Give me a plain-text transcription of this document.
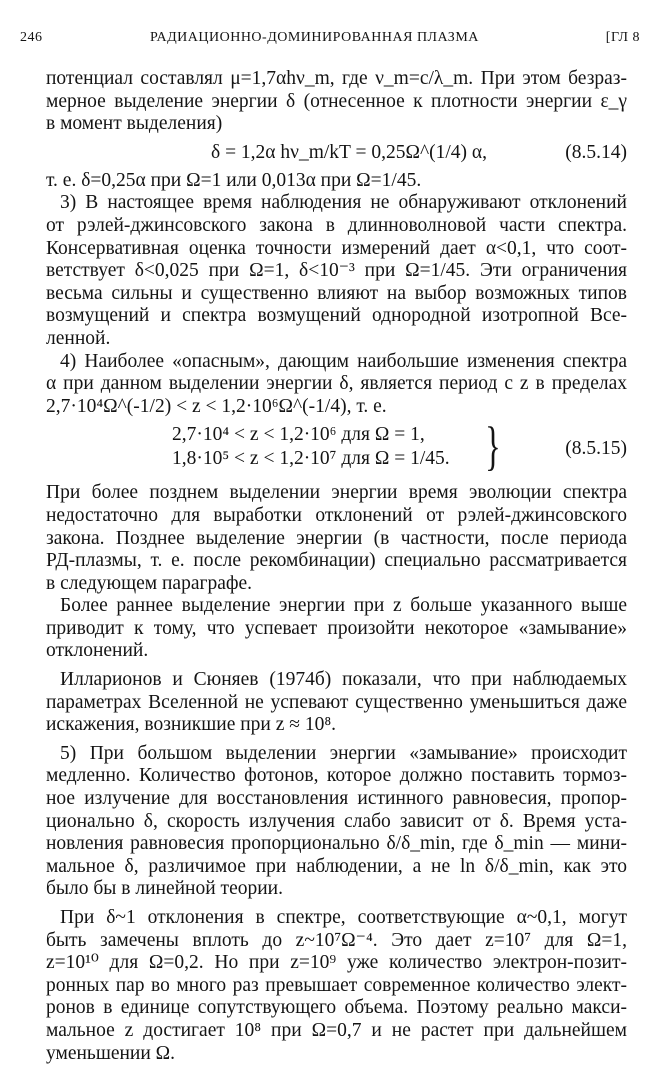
246	РАДИАЦИОННО-ДОМИНИРОВАННАЯ ПЛАЗМА	[ГЛ 8
потенциал составлял μ=1,7αhν_m, где ν_m=c/λ_m. При этом безраз-
мерное выделение энергии δ (отнесенное к плотности энергии ε_γ
в момент выделения)
δ = 1,2α hν_m/kT = 0,25Ω^(1/4) α,	(8.5.14)
т. е. δ=0,25α при Ω=1 или 0,013α при Ω=1/45.
3) В настоящее время наблюдения не обнаруживают отклонений
от рэлей-джинсовского закона в длинноволновой части спектра.
Консервативная оценка точности измерений дает α<0,1, что соот-
ветствует δ<0,025 при Ω=1, δ<10⁻³ при Ω=1/45. Эти ограничения
весьма сильны и существенно влияют на выбор возможных типов
возмущений и спектра возмущений однородной изотропной Все-
ленной.
4) Наиболее «опасным», дающим наибольшие изменения спектра
α при данном выделении энергии δ, является период с z в пределах
2,7·10⁴Ω^(-1/2) < z < 1,2·10⁶Ω^(-1/4), т. е.
2,7·10⁴ < z < 1,2·10⁶ для Ω = 1,
1,8·10⁵ < z < 1,2·10⁷ для Ω = 1/45. }	(8.5.15)
При более позднем выделении энергии время эволюции спектра
недостаточно для выработки отклонений от рэлей-джинсовского
закона. Позднее выделение энергии (в частности, после периода
РД-плазмы, т. е. после рекомбинации) специально рассматривается
в следующем параграфе.
Более раннее выделение энергии при z больше указанного выше
приводит к тому, что успевает произойти некоторое «замывание»
отклонений.
Илларионов и Сюняев (1974б) показали, что при наблюдаемых
параметрах Вселенной не успевают существенно уменьшиться даже
искажения, возникшие при z ≈ 10⁸.
5) При большом выделении энергии «замывание» происходит
медленно. Количество фотонов, которое должно поставить тормоз-
ное излучение для восстановления истинного равновесия, пропор-
ционально δ, скорость излучения слабо зависит от δ. Время уста-
новления равновесия пропорционально δ/δ_min, где δ_min — мини-
мальное δ, различимое при наблюдении, а не ln δ/δ_min, как это
было бы в линейной теории.
При δ~1 отклонения в спектре, соответствующие α~0,1, могут
быть замечены вплоть до z~10⁷Ω⁻⁴. Это дает z=10⁷ для Ω=1,
z=10¹⁰ для Ω=0,2. Но при z=10⁹ уже количество электрон-позит-
ронных пар во много раз превышает современное количество элект-
ронов в единице сопутствующего объема. Поэтому реально макси-
мальное z достигает 10⁸ при Ω=0,7 и не растет при дальнейшем
уменьшении Ω.
